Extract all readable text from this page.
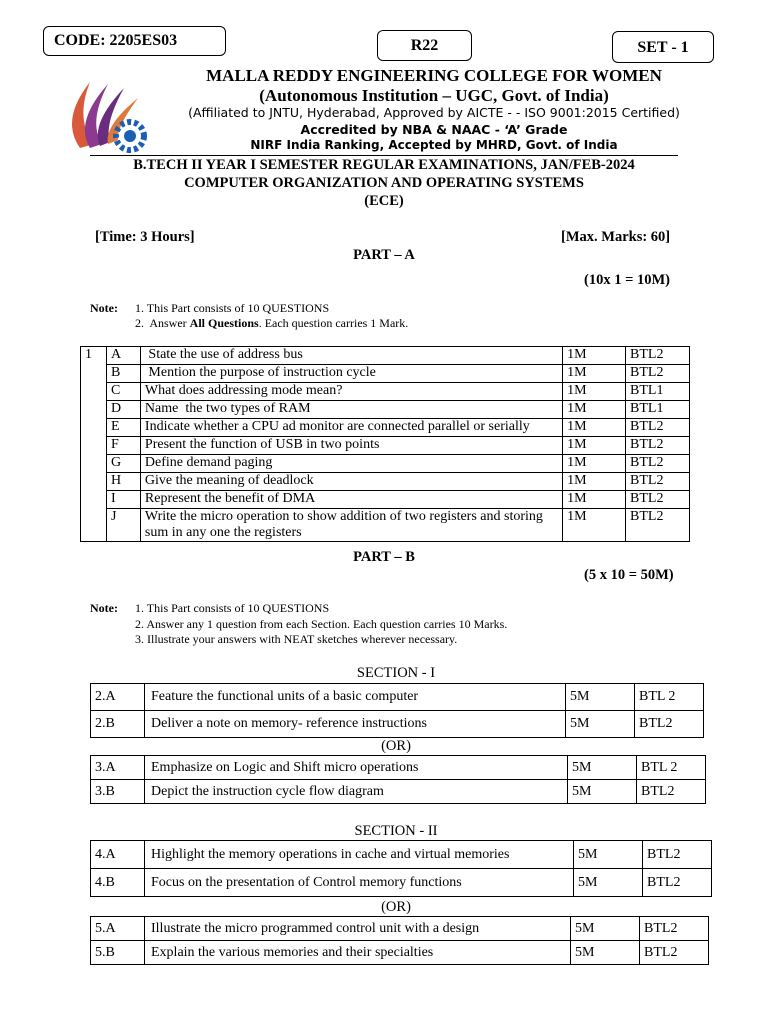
CODE: 2205ES03	R22	SET - 1
MALLA REDDY ENGINEERING COLLEGE FOR WOMEN
(Autonomous Institution – UGC, Govt. of India)
(Affiliated to JNTU, Hyderabad, Approved by AICTE - - ISO 9001:2015 Certified)
Accredited by NBA & NAAC - ‘A’ Grade
NIRF India Ranking, Accepted by MHRD, Govt. of India
B.TECH II YEAR I SEMESTER REGULAR EXAMINATIONS, JAN/FEB-2024
COMPUTER ORGANIZATION AND OPERATING SYSTEMS
(ECE)
[Time: 3 Hours]	[Max. Marks: 60]
PART – A
(10x 1 = 10M)
Note: 1. This Part consists of 10 QUESTIONS
2.  Answer All Questions. Each question carries 1 Mark.
1	A	State the use of address bus	1M	BTL2
	B	Mention the purpose of instruction cycle	1M	BTL2
	C	What does addressing mode mean?	1M	BTL1
	D	Name  the two types of RAM	1M	BTL1
	E	Indicate whether a CPU ad monitor are connected parallel or serially	1M	BTL2
	F	Present the function of USB in two points	1M	BTL2
	G	Define demand paging	1M	BTL2
	H	Give the meaning of deadlock	1M	BTL2
	I	Represent the benefit of DMA	1M	BTL2
	J	Write the micro operation to show addition of two registers and storing sum in any one the registers	1M	BTL2
PART – B
(5 x 10 = 50M)
Note: 1. This Part consists of 10 QUESTIONS
2. Answer any 1 question from each Section. Each question carries 10 Marks.
3. Illustrate your answers with NEAT sketches wherever necessary.
SECTION - I
2.A	Feature the functional units of a basic computer	5M	BTL 2
2.B	Deliver a note on memory- reference instructions	5M	BTL2
(OR)
3.A	Emphasize on Logic and Shift micro operations	5M	BTL 2
3.B	Depict the instruction cycle flow diagram	5M	BTL2
SECTION - II
4.A	Highlight the memory operations in cache and virtual memories	5M	BTL2
4.B	Focus on the presentation of Control memory functions	5M	BTL2
(OR)
5.A	Illustrate the micro programmed control unit with a design	5M	BTL2
5.B	Explain the various memories and their specialties	5M	BTL2
